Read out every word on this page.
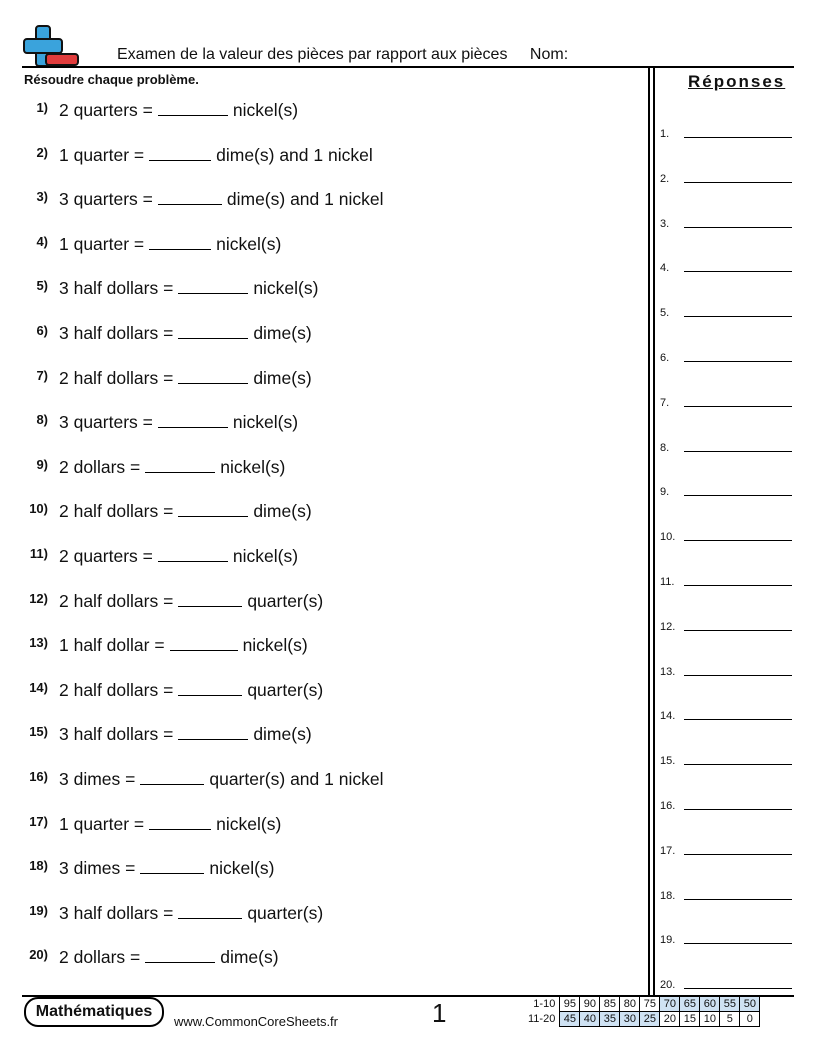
Examen de la valeur des pièces par rapport aux pièces Nom:
Résoudre chaque problème.	Réponses
1) 2 quarters =	nickel(s)
2) 1 quarter =	dime(s) and 1 nickel
3) 3 quarters =	dime(s) and 1 nickel
4) 1 quarter =	nickel(s)
5) 3 half dollars =	nickel(s)
6) 3 half dollars =	dime(s)
7) 2 half dollars =	dime(s)
8) 3 quarters =	nickel(s)
9) 2 dollars =	nickel(s)
10) 2 half dollars =	dime(s)
11) 2 quarters =	nickel(s)
12) 2 half dollars =	quarter(s)
13) 1 half dollar =	nickel(s)
14) 2 half dollars =	quarter(s)
15) 3 half dollars =	dime(s)
16) 3 dimes =	quarter(s) and 1 nickel
17) 1 quarter =	nickel(s)
18) 3 dimes =	nickel(s)
19) 3 half dollars =	quarter(s)
20) 2 dollars =	dime(s)
1.
2.
3.
4.
5.
6.
7.
8.
9.
10.
11.
12.
13.
14.
15.
16.
17.
18.
19.
20.
Mathématiques
www.CommonCoreSheets.fr	1	1-10	95	90	85	80	75	70	65	60	55	50
11-20	45	40	35	30	25	20	15	10	5	0
